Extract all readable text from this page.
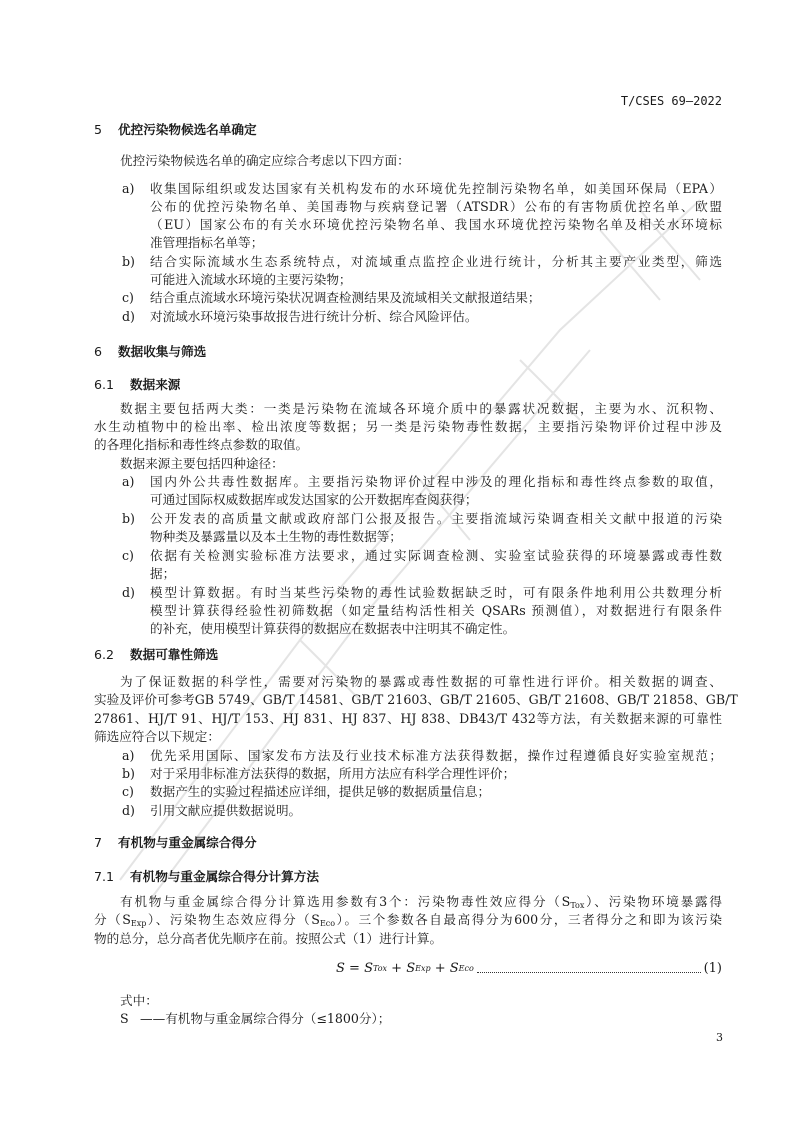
T/CSES 69—2022
5 优控污染物候选名单确定
优控污染物候选名单的确定应综合考虑以下四方面：
a) 收集国际组织或发达国家有关机构发布的水环境优先控制污染物名单，如美国环保局（EPA）
公布的优控污染物名单、美国毒物与疾病登记署（ATSDR）公布的有害物质优控名单、欧盟
（EU）国家公布的有关水环境优控污染物名单、我国水环境优控污染物名单及相关水环境标
准管理指标名单等；
b) 结合实际流域水生态系统特点，对流域重点监控企业进行统计，分析其主要产业类型，筛选
可能进入流域水环境的主要污染物；
c) 结合重点流域水环境污染状况调查检测结果及流域相关文献报道结果；
d) 对流域水环境污染事故报告进行统计分析、综合风险评估。
6 数据收集与筛选
6.1 数据来源
数据主要包括两大类：一类是污染物在流域各环境介质中的暴露状况数据，主要为水、沉积物、
水生动植物中的检出率、检出浓度等数据；另一类是污染物毒性数据，主要指污染物评价过程中涉及
的各理化指标和毒性终点参数的取值。
数据来源主要包括四种途径：
a) 国内外公共毒性数据库。主要指污染物评价过程中涉及的理化指标和毒性终点参数的取值，
可通过国际权威数据库或发达国家的公开数据库查阅获得；
b) 公开发表的高质量文献或政府部门公报及报告。主要指流域污染调查相关文献中报道的污染
物种类及暴露量以及本土生物的毒性数据等；
c) 依据有关检测实验标准方法要求，通过实际调查检测、实验室试验获得的环境暴露或毒性数
据；
d) 模型计算数据。有时当某些污染物的毒性试验数据缺乏时，可有限条件地利用公共数理分析
模型计算获得经验性初筛数据（如定量结构活性相关 QSARs 预测值），对数据进行有限条件
的补充，使用模型计算获得的数据应在数据表中注明其不确定性。
6.2 数据可靠性筛选
为了保证数据的科学性，需要对污染物的暴露或毒性数据的可靠性进行评价。相关数据的调查、
实验及评价可参考GB 5749、GB/T 14581、GB/T 21603、GB/T 21605、GB/T 21608、GB/T 21858、GB/T
27861、HJ/T 91、HJ/T 153、HJ 831、HJ 837、HJ 838、DB43/T 432等方法，有关数据来源的可靠性
筛选应符合以下规定：
a) 优先采用国际、国家发布方法及行业技术标准方法获得数据，操作过程遵循良好实验室规范；
b) 对于采用非标准方法获得的数据，所用方法应有科学合理性评价；
c) 数据产生的实验过程描述应详细，提供足够的数据质量信息；
d) 引用文献应提供数据说明。
7 有机物与重金属综合得分
7.1 有机物与重金属综合得分计算方法
有机物与重金属综合得分计算选用参数有3个：污染物毒性效应得分$(S_{Tox})$、污染物环境暴露得
分$(S_{Exp})$、污染物生态效应得分$(S_{Eco})$。三个参数各自最高得分为600分，三者得分之和即为该污染
物的总分，总分高者优先顺序在前。按照公式（1）进行计算。
S = S Tox + S Exp + S Eco	(1)
式中：
S ——有机物与重金属综合得分（≤1800分）；
3
